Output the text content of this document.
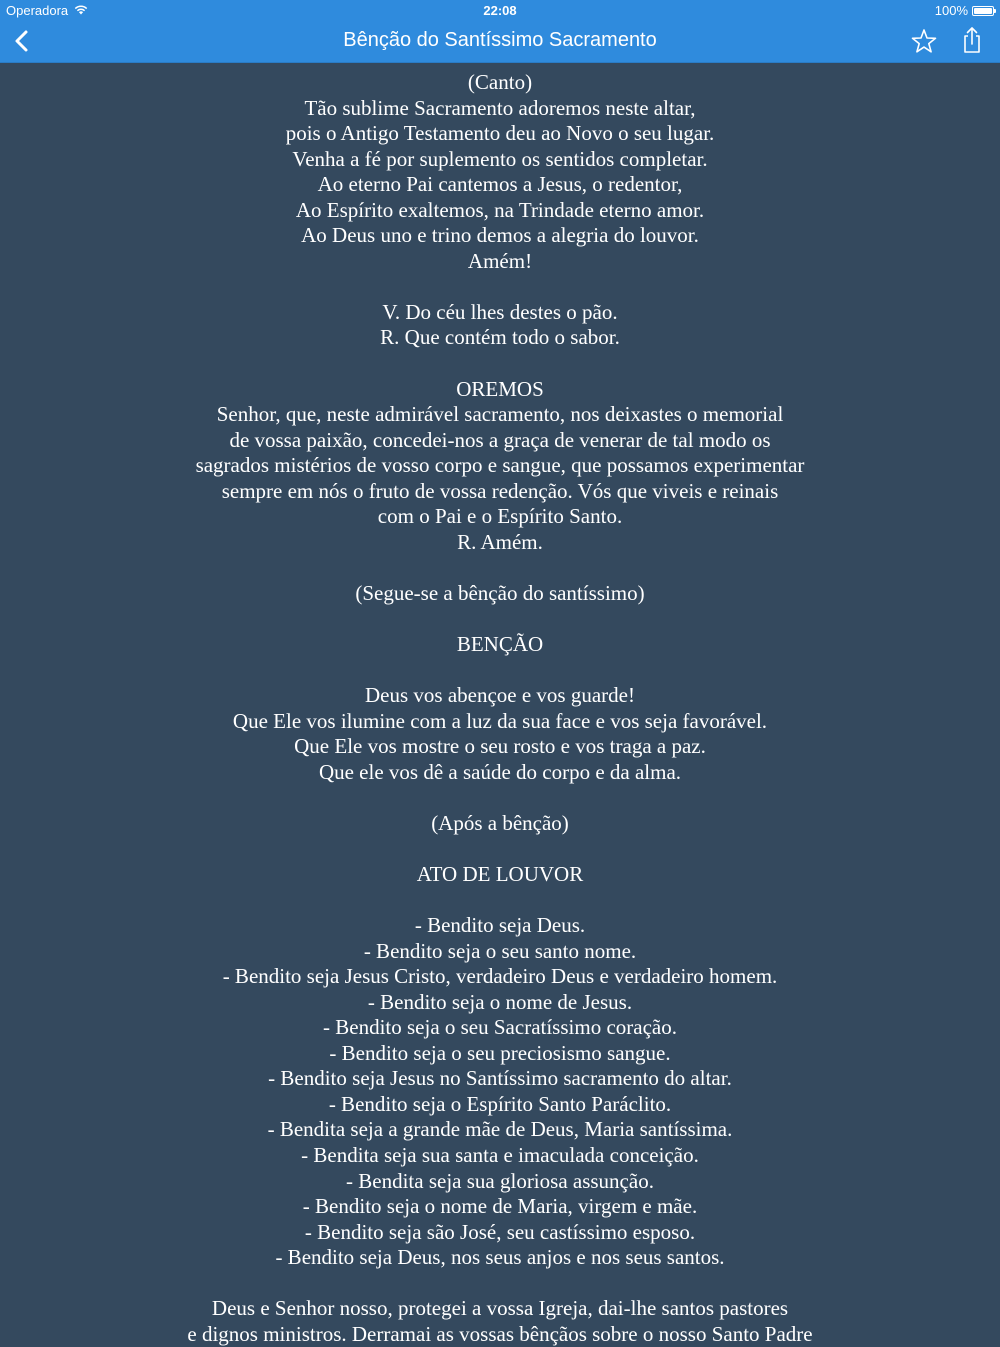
Operadora	22:08	100%
Bênção do Santíssimo Sacramento
(Canto)
Tão sublime Sacramento adoremos neste altar,
pois o Antigo Testamento deu ao Novo o seu lugar.
Venha a fé por suplemento os sentidos completar.
Ao eterno Pai cantemos a Jesus, o redentor,
Ao Espírito exaltemos, na Trindade eterno amor.
Ao Deus uno e trino demos a alegria do louvor.
Amém!
V. Do céu lhes destes o pão.
R. Que contém todo o sabor.
OREMOS
Senhor, que, neste admirável sacramento, nos deixastes o memorial
de vossa paixão, concedei-nos a graça de venerar de tal modo os
sagrados mistérios de vosso corpo e sangue, que possamos experimentar
sempre em nós o fruto de vossa redenção. Vós que viveis e reinais
com o Pai e o Espírito Santo.
R. Amém.
(Segue-se a bênção do santíssimo)
BENÇÃO
Deus vos abençoe e vos guarde!
Que Ele vos ilumine com a luz da sua face e vos seja favorável.
Que Ele vos mostre o seu rosto e vos traga a paz.
Que ele vos dê a saúde do corpo e da alma.
(Após a bênção)
ATO DE LOUVOR
- Bendito seja Deus.
- Bendito seja o seu santo nome.
- Bendito seja Jesus Cristo, verdadeiro Deus e verdadeiro homem.
- Bendito seja o nome de Jesus.
- Bendito seja o seu Sacratíssimo coração.
- Bendito seja o seu preciosismo sangue.
- Bendito seja Jesus no Santíssimo sacramento do altar.
- Bendito seja o Espírito Santo Paráclito.
- Bendita seja a grande mãe de Deus, Maria santíssima.
- Bendita seja sua santa e imaculada conceição.
- Bendita seja sua gloriosa assunção.
- Bendito seja o nome de Maria, virgem e mãe.
- Bendito seja são José, seu castíssimo esposo.
- Bendito seja Deus, nos seus anjos e nos seus santos.
Deus e Senhor nosso, protegei a vossa Igreja, dai-lhe santos pastores
e dignos ministros. Derramai as vossas bênçãos sobre o nosso Santo Padre
